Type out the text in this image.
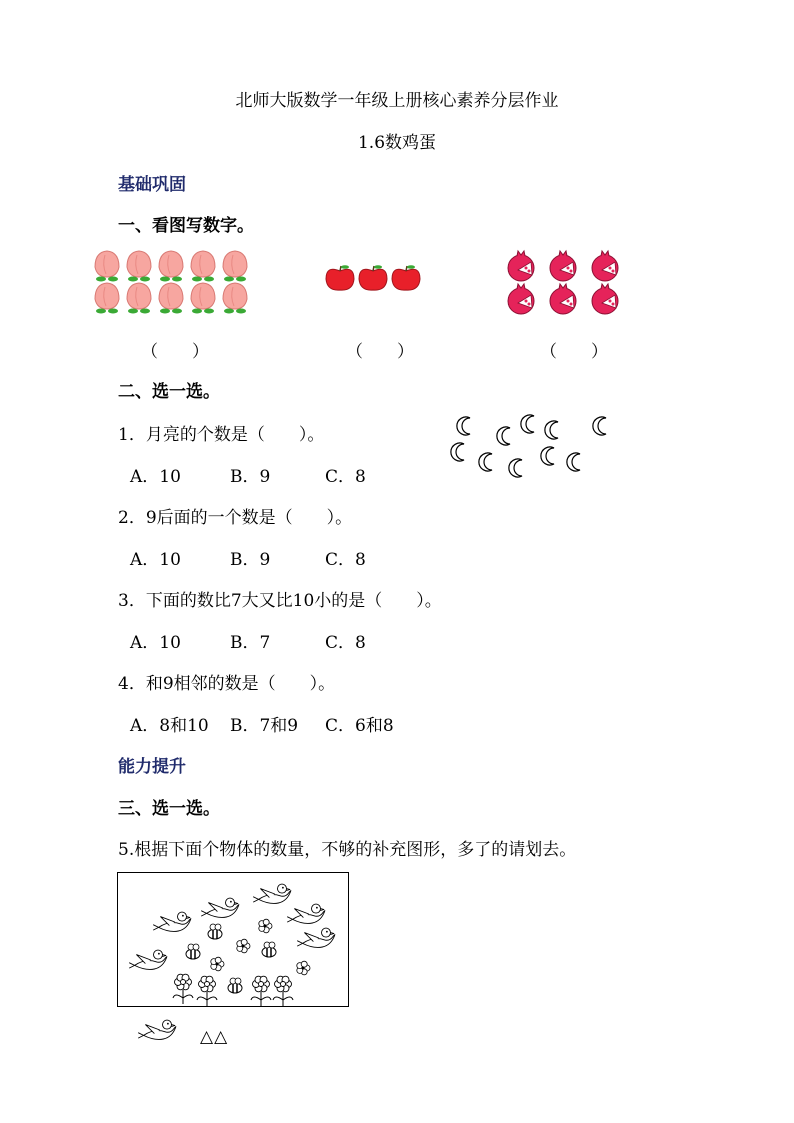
北师大版数学一年级上册核心素养分层作业
1.6数鸡蛋
基础巩固
一、看图写数字。
（　　）	（　　）	（　　）
二、选一选。
1．月亮的个数是（　　）。
A．10	B．9	C．8
2．9后面的一个数是（　　）。
A．10	B．9	C．8
3．下面的数比7大又比10小的是（　　）。
A．10	B．7	C．8
4．和9相邻的数是（　　）。
A．8和10 B．7和9 C．6和8
能力提升
三、选一选。
5.根据下面个物体的数量，不够的补充图形，多了的请划去。
△△
